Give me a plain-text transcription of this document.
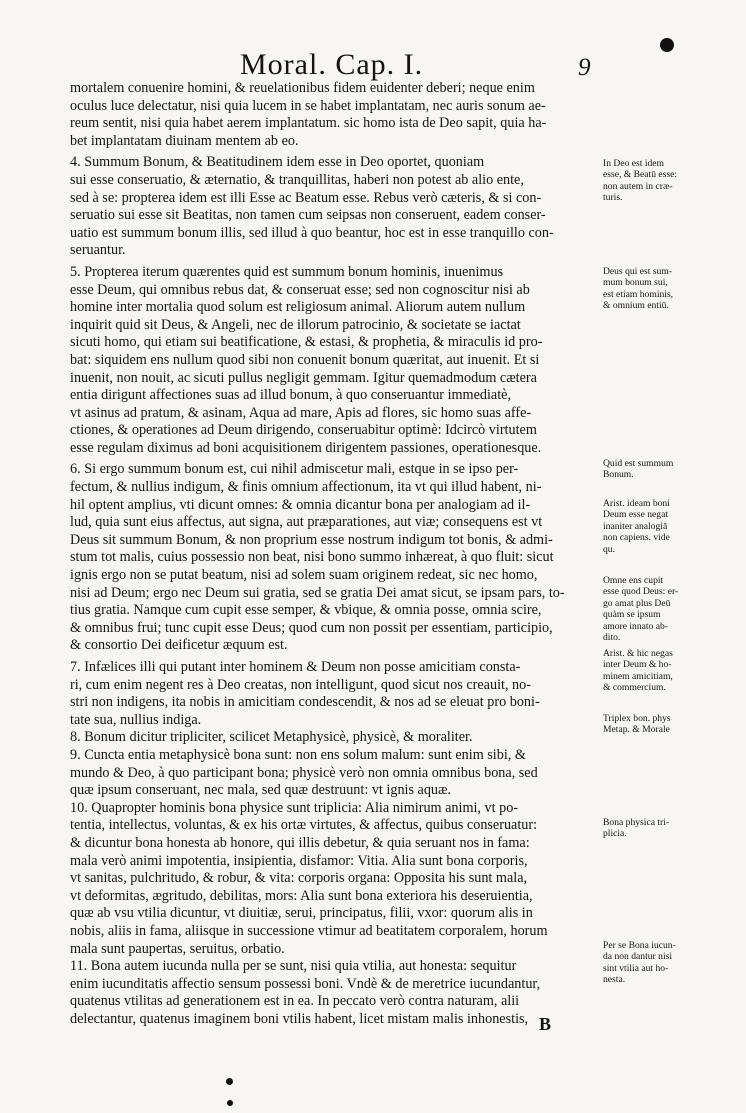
Moral. Cap. I.	9
mortalem conuenire homini, & reuelationibus fidem euidenter deberi; neque enim
oculus luce delectatur, nisi quia lucem in se habet implantatam, nec auris sonum ae-
reum sentit, nisi quia habet aerem implantatum. sic homo ista de Deo sapit, quia ha-
bet implantatam diuinam mentem ab eo.
4. Summum Bonum, & Beatitudinem idem esse in Deo oportet, quoniam
sui esse conseruatio, & æternatio, & tranquillitas, haberi non potest ab alio ente,
sed à se: propterea idem est illi Esse ac Beatum esse. Rebus verò cæteris, & si con-
seruatio sui esse sit Beatitas, non tamen cum seipsas non conseruent, eadem conser-
uatio est summum bonum illis, sed illud à quo beantur, hoc est in esse tranquillo con-
seruantur.
5. Propterea iterum quærentes quid est summum bonum hominis, inuenimus
esse Deum, qui omnibus rebus dat, & conseruat esse; sed non cognoscitur nisi ab
homine inter mortalia quod solum est religiosum animal. Aliorum autem nullum
inquirit quid sit Deus, & Angeli, nec de illorum patrocinio, & societate se iactat
sicuti homo, qui etiam sui beatificatione, & estasi, & prophetia, & miraculis id pro-
bat: siquidem ens nullum quod sibi non conuenit bonum quæritat, aut inuenit. Et si
inuenit, non nouit, ac sicuti pullus negligit gemmam. Igitur quemadmodum cætera
entia dirigunt affectiones suas ad illud bonum, à quo conseruantur immediatè,
vt asinus ad pratum, & asinam, Aqua ad mare, Apis ad flores, sic homo suas affe-
ctiones, & operationes ad Deum dirigendo, conseruabitur optimè: Idcircò virtutem
esse regulam diximus ad boni acquisitionem dirigentem passiones, operationesque.
6. Si ergo summum bonum est, cui nihil admiscetur mali, estque in se ipso per-
fectum, & nullius indigum, & finis omnium affectionum, ita vt qui illud habent, ni-
hil optent amplius, vti dicunt omnes: & omnia dicantur bona per analogiam ad il-
lud, quia sunt eius affectus, aut signa, aut præparationes, aut viæ; consequens est vt
Deus sit summum Bonum, & non proprium esse nostrum indigum tot bonis, & admi-
stum tot malis, cuius possessio non beat, nisi bono summo inhæreat, à quo fluit: sicut
ignis ergo non se putat beatum, nisi ad solem suam originem redeat, sic nec homo,
nisi ad Deum; ergo nec Deum sui gratia, sed se gratia Dei amat sicut, se ipsam pars, to-
tius gratia. Namque cum cupit esse semper, & vbique, & omnia posse, omnia scire,
& omnibus frui; tunc cupit esse Deus; quod cum non possit per essentiam, participio,
& consortio Dei deificetur æquum est.
7. Infælices illi qui putant inter hominem & Deum non posse amicitiam consta-
ri, cum enim negent res à Deo creatas, non intelligunt, quod sicut nos creauit, no-
stri non indigens, ita nobis in amicitiam condescendit, & nos ad se eleuat pro boni-
tate sua, nullius indiga.
8. Bonum dicitur tripliciter, scilicet Metaphysicè, physicè, & moraliter.
9. Cuncta entia metaphysicè bona sunt: non ens solum malum: sunt enim sibi, &
mundo & Deo, à quo participant bona; physicè verò non omnia omnibus bona, sed
quæ ipsum conseruant, nec mala, sed quæ destruunt: vt ignis aquæ.
10. Quapropter hominis bona physice sunt triplicia: Alia nimirum animi, vt po-
tentia, intellectus, voluntas, & ex his ortæ virtutes, & affectus, quibus conseruatur:
& dicuntur bona honesta ab honore, qui illis debetur, & quia seruant nos in fama:
mala verò animi impotentia, insipientia, disfamor: Vitia. Alia sunt bona corporis,
vt sanitas, pulchritudo, & robur, & vita: corporis organa: Opposita his sunt mala,
vt deformitas, ægritudo, debilitas, mors: Alia sunt bona exteriora his deseruientia,
quæ ab vsu vtilia dicuntur, vt diuitiæ, serui, principatus, filii, vxor: quorum alis in
nobis, aliis in fama, aliisque in successione vtimur ad beatitatem corporalem, horum
mala sunt paupertas, seruitus, orbatio.
11. Bona autem iucunda nulla per se sunt, nisi quia vtilia, aut honesta: sequitur
enim iucunditatis affectio sensum possessi boni. Vndè & de meretrice iucundantur,
quatenus vtilitas ad generationem est in ea. In peccato verò contra naturam, alii
delectantur, quatenus imaginem boni vtilis habent, licet mistam malis inhonestis,
In Deo est idem
esse, & Beatū esse:
non autem in cræ-
turis.
Deus qui est sum-
mum bonum sui,
est etiam hominis,
& omnium entiū.
Quid est summum
Bonum.
Arist. ideam boni
Deum esse negat
inaniter analogiā
non capiens. vide
qu.
Omne ens cupit
esse quod Deus: er-
go amat plus Deū
quàm se ipsum
amore innato ab-
dito.
Arist. & hic negas
inter Deum & ho-
minem amicitiam,
& commercium.
Triplex bon. phys
Metap. & Morale
Bona physica tri-
plicia.
Per se Bona iucun-
da non dantur nisi
sint vtilia aut ho-
nesta.
B
